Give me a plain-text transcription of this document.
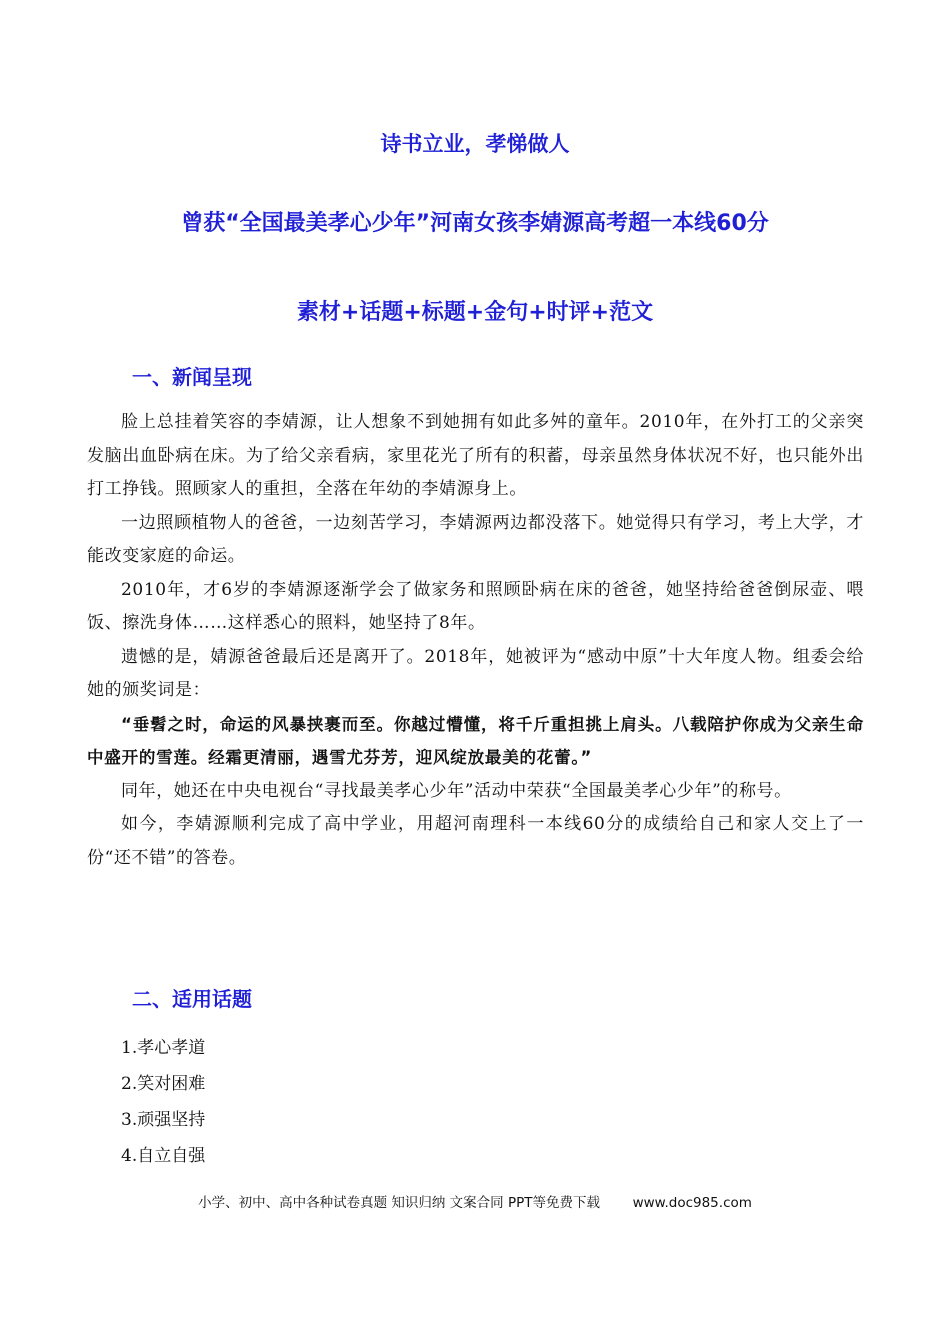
诗书立业，孝悌做人
曾获“全国最美孝心少年”河南女孩李婧源高考超一本线60分
素材+话题+标题+金句+时评+范文
一、新闻呈现

脸上总挂着笑容的李婧源，让人想象不到她拥有如此多舛的童年。2010年，在外打工的父亲突发脑出血卧病在床。为了给父亲看病，家里花光了所有的积蓄，母亲虽然身体状况不好，也只能外出打工挣钱。照顾家人的重担，全落在年幼的李婧源身上。

一边照顾植物人的爸爸，一边刻苦学习，李婧源两边都没落下。她觉得只有学习，考上大学，才能改变家庭的命运。

2010年，才6岁的李婧源逐渐学会了做家务和照顾卧病在床的爸爸，她坚持给爸爸倒尿壶、喂饭、擦洗身体……这样悉心的照料，她坚持了8年。

遗憾的是，婧源爸爸最后还是离开了。2018年，她被评为“感动中原”十大年度人物。组委会给她的颁奖词是：

“垂髫之时，命运的风暴挟裹而至。你越过懵懂，将千斤重担挑上肩头。八载陪护你成为父亲生命中盛开的雪莲。经霜更清丽，遇雪尤芬芳，迎风绽放最美的花蕾。”

同年，她还在中央电视台“寻找最美孝心少年”活动中荣获“全国最美孝心少年”的称号。

如今，李婧源顺利完成了高中学业，用超河南理科一本线60分的成绩给自己和家人交上了一份“还不错”的答卷。

二、适用话题
1.孝心孝道
2.笑对困难
3.顽强坚持
4.自立自强
小学、初中、高中各种试卷真题 知识归纳 文案合同 PPT等免费下载 www.doc985.com
